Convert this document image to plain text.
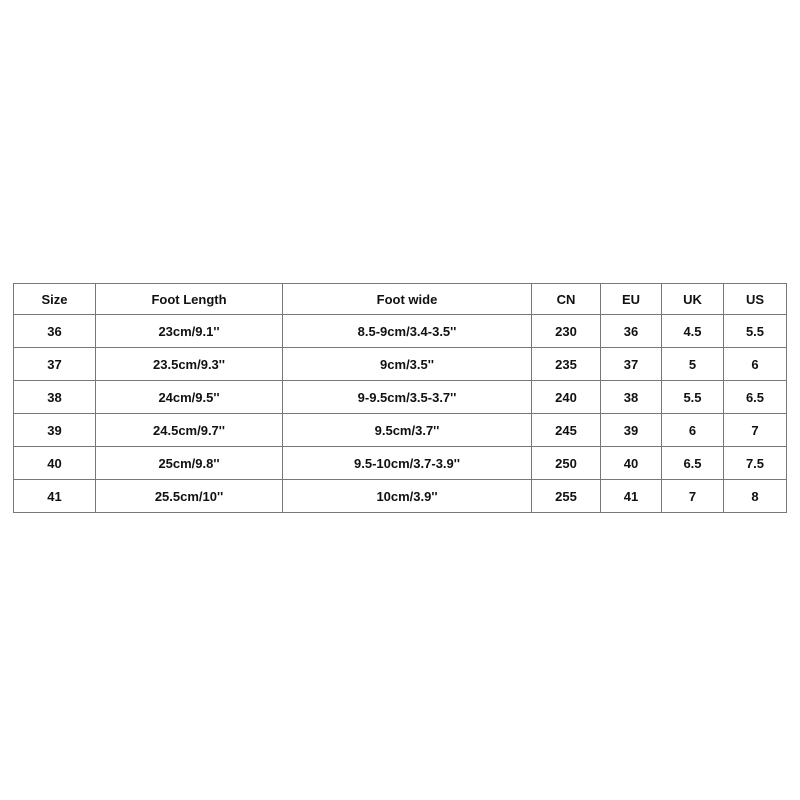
Size	Foot Length	Foot wide	CN	EU	UK	US
36	23cm/9.1''	8.5-9cm/3.4-3.5''	230	36	4.5	5.5
37	23.5cm/9.3''	9cm/3.5''	235	37	5	6
38	24cm/9.5''	9-9.5cm/3.5-3.7''	240	38	5.5	6.5
39	24.5cm/9.7''	9.5cm/3.7''	245	39	6	7
40	25cm/9.8''	9.5-10cm/3.7-3.9''	250	40	6.5	7.5
41	25.5cm/10''	10cm/3.9''	255	41	7	8
